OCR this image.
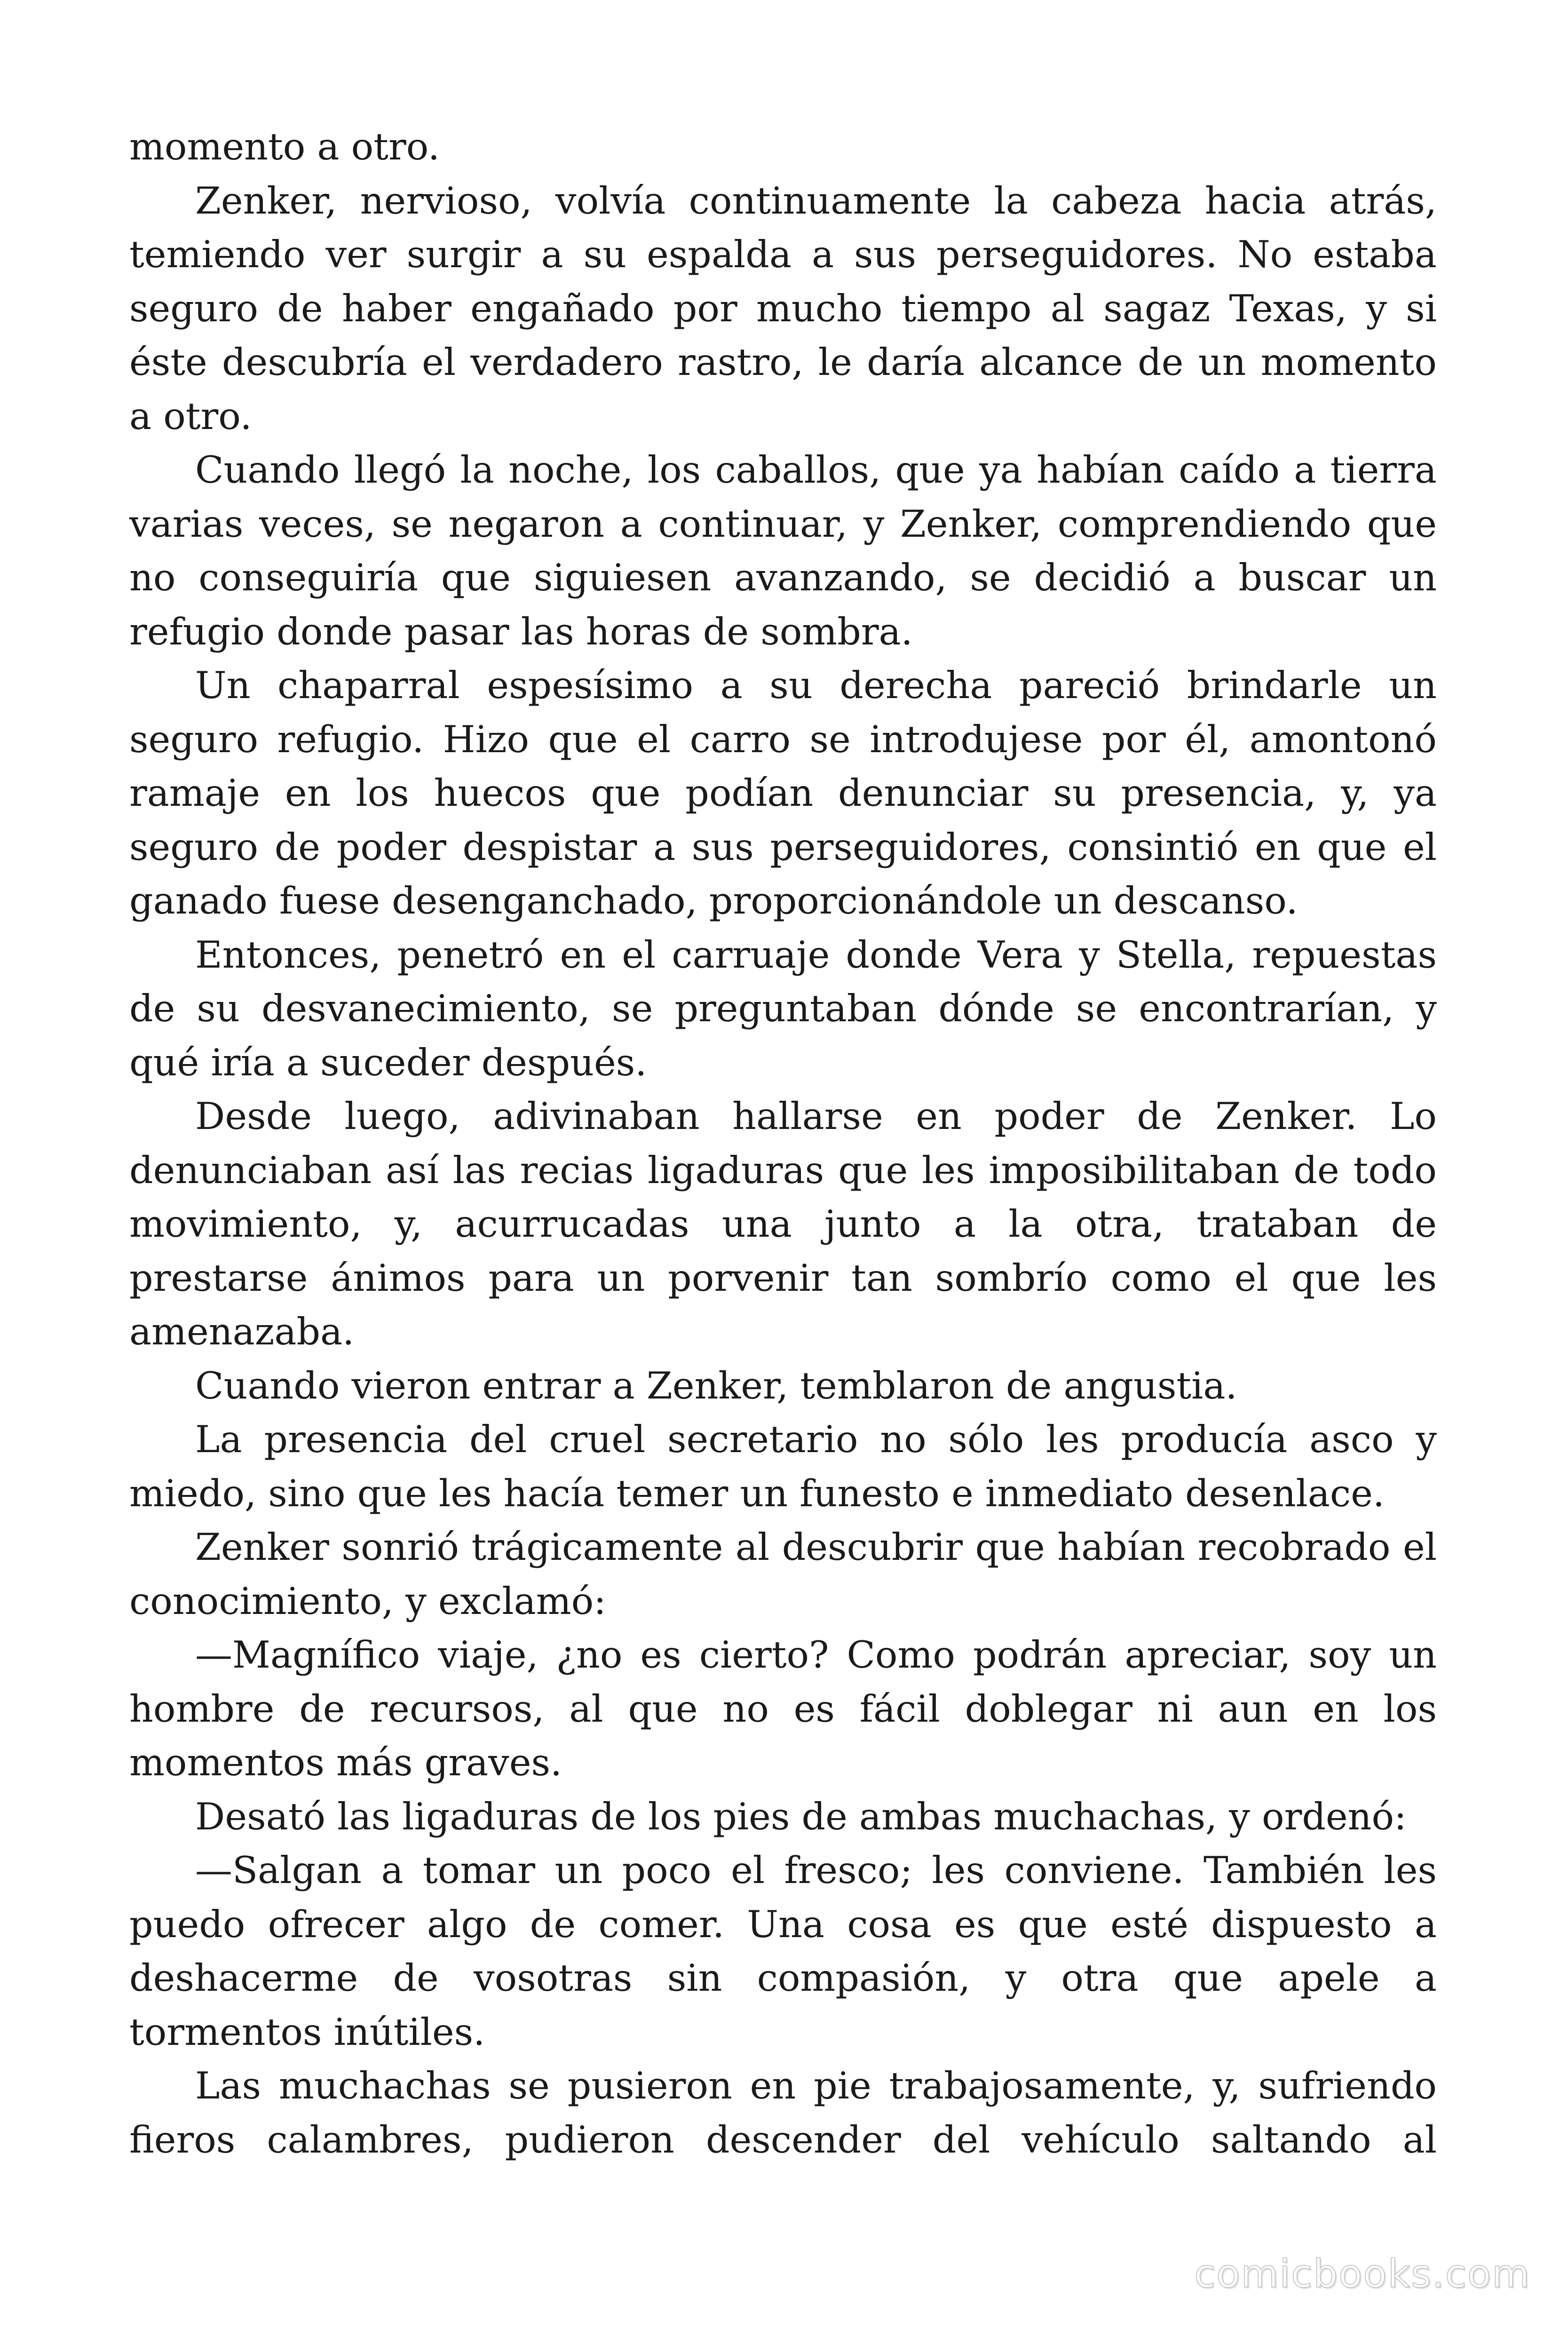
momento a otro.
Zenker, nervioso, volvía continuamente la cabeza hacia atrás,
temiendo ver surgir a su espalda a sus perseguidores. No estaba
seguro de haber engañado por mucho tiempo al sagaz Texas, y si
éste descubría el verdadero rastro, le daría alcance de un momento
a otro.
Cuando llegó la noche, los caballos, que ya habían caído a tierra
varias veces, se negaron a continuar, y Zenker, comprendiendo que
no conseguiría que siguiesen avanzando, se decidió a buscar un
refugio donde pasar las horas de sombra.
Un chaparral espesísimo a su derecha pareció brindarle un
seguro refugio. Hizo que el carro se introdujese por él, amontonó
ramaje en los huecos que podían denunciar su presencia, y, ya
seguro de poder despistar a sus perseguidores, consintió en que el
ganado fuese desenganchado, proporcionándole un descanso.
Entonces, penetró en el carruaje donde Vera y Stella, repuestas
de su desvanecimiento, se preguntaban dónde se encontrarían, y
qué iría a suceder después.
Desde luego, adivinaban hallarse en poder de Zenker. Lo
denunciaban así las recias ligaduras que les imposibilitaban de todo
movimiento, y, acurrucadas una junto a la otra, trataban de
prestarse ánimos para un porvenir tan sombrío como el que les
amenazaba.
Cuando vieron entrar a Zenker, temblaron de angustia.
La presencia del cruel secretario no sólo les producía asco y
miedo, sino que les hacía temer un funesto e inmediato desenlace.
Zenker sonrió trágicamente al descubrir que habían recobrado el
conocimiento, y exclamó:
—Magnífico viaje, ¿no es cierto? Como podrán apreciar, soy un
hombre de recursos, al que no es fácil doblegar ni aun en los
momentos más graves.
Desató las ligaduras de los pies de ambas muchachas, y ordenó:
—Salgan a tomar un poco el fresco; les conviene. También les
puedo ofrecer algo de comer. Una cosa es que esté dispuesto a
deshacerme de vosotras sin compasión, y otra que apele a
tormentos inútiles.
Las muchachas se pusieron en pie trabajosamente, y, sufriendo
fieros calambres, pudieron descender del vehículo saltando al
comicbooks.com
